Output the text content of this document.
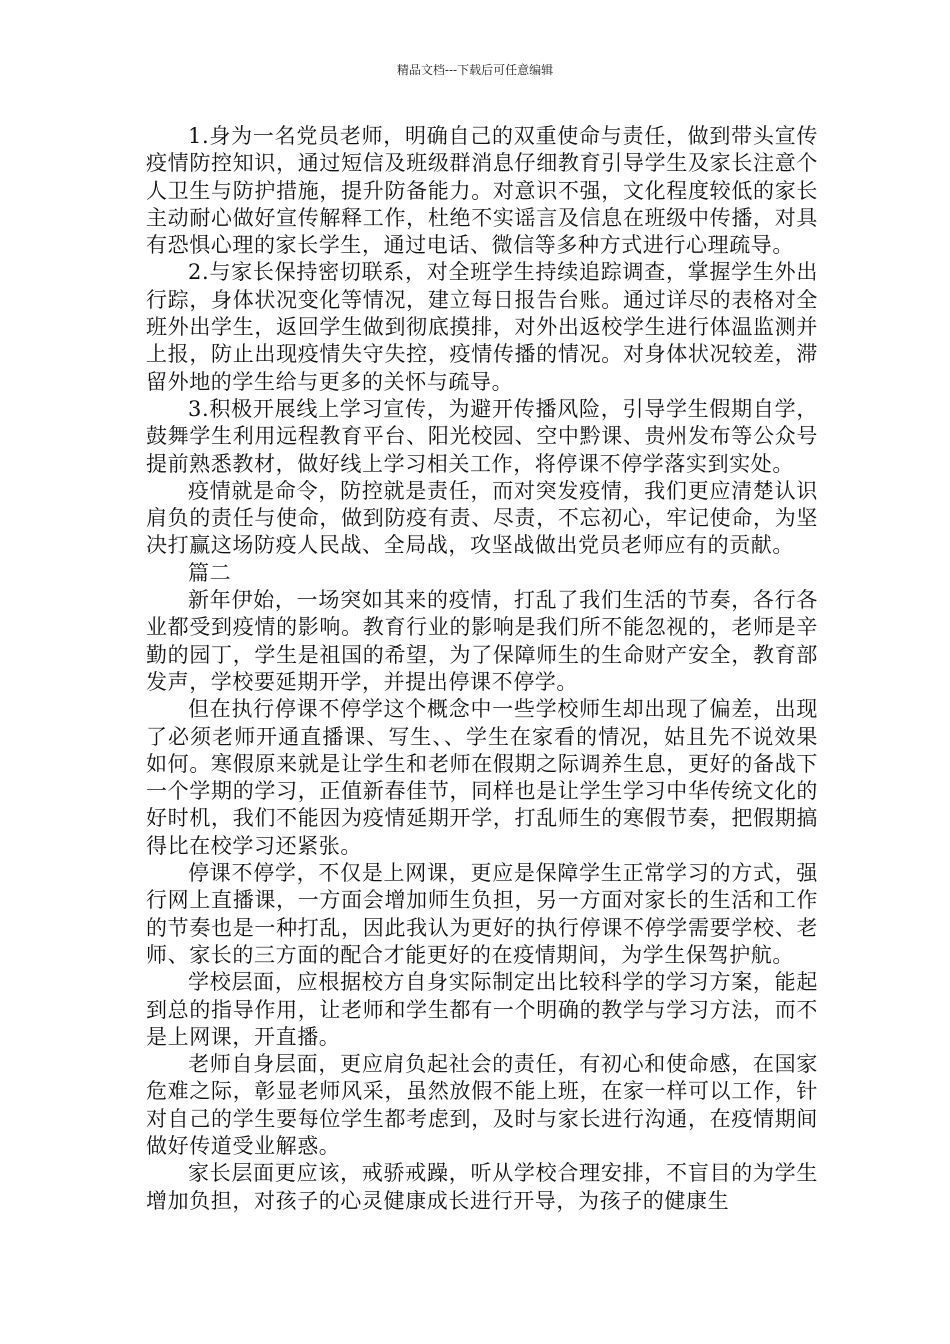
精品文档---下载后可任意编辑

1.身为一名党员老师，明确自己的双重使命与责任，做到带头宣传疫情防控知识，通过短信及班级群消息仔细教育引导学生及家长注意个人卫生与防护措施，提升防备能力。对意识不强，文化程度较低的家长主动耐心做好宣传解释工作，杜绝不实谣言及信息在班级中传播，对具有恐惧心理的家长学生，通过电话、微信等多种方式进行心理疏导。

2.与家长保持密切联系，对全班学生持续追踪调查，掌握学生外出行踪，身体状况变化等情况，建立每日报告台账。通过详尽的表格对全班外出学生，返回学生做到彻底摸排，对外出返校学生进行体温监测并上报，防止出现疫情失守失控，疫情传播的情况。对身体状况较差，滞留外地的学生给与更多的关怀与疏导。

3.积极开展线上学习宣传，为避开传播风险，引导学生假期自学，鼓舞学生利用远程教育平台、阳光校园、空中黔课、贵州发布等公众号提前熟悉教材，做好线上学习相关工作，将停课不停学落实到实处。

疫情就是命令，防控就是责任，而对突发疫情，我们更应清楚认识肩负的责任与使命，做到防疫有责、尽责，不忘初心，牢记使命，为坚决打赢这场防疫人民战、全局战，攻坚战做出党员老师应有的贡献。

篇二

新年伊始，一场突如其来的疫情，打乱了我们生活的节奏，各行各业都受到疫情的影响。教育行业的影响是我们所不能忽视的，老师是辛勤的园丁，学生是祖国的希望，为了保障师生的生命财产安全，教育部发声，学校要延期开学，并提出停课不停学。

但在执行停课不停学这个概念中一些学校师生却出现了偏差，出现了必须老师开通直播课、写生、、学生在家看的情况，姑且先不说效果如何。寒假原来就是让学生和老师在假期之际调养生息，更好的备战下一个学期的学习，正值新春佳节，同样也是让学生学习中华传统文化的好时机，我们不能因为疫情延期开学，打乱师生的寒假节奏，把假期搞得比在校学习还紧张。

停课不停学，不仅是上网课，更应是保障学生正常学习的方式，强行网上直播课，一方面会增加师生负担，另一方面对家长的生活和工作的节奏也是一种打乱，因此我认为更好的执行停课不停学需要学校、老师、家长的三方面的配合才能更好的在疫情期间，为学生保驾护航。

学校层面，应根据校方自身实际制定出比较科学的学习方案，能起到总的指导作用，让老师和学生都有一个明确的教学与学习方法，而不是上网课，开直播。

老师自身层面，更应肩负起社会的责任，有初心和使命感，在国家危难之际，彰显老师风采，虽然放假不能上班，在家一样可以工作，针对自己的学生要每位学生都考虑到，及时与家长进行沟通，在疫情期间做好传道受业解惑。

家长层面更应该，戒骄戒躁，听从学校合理安排，不盲目的为学生增加负担，对孩子的心灵健康成长进行开导，为孩子的健康生
